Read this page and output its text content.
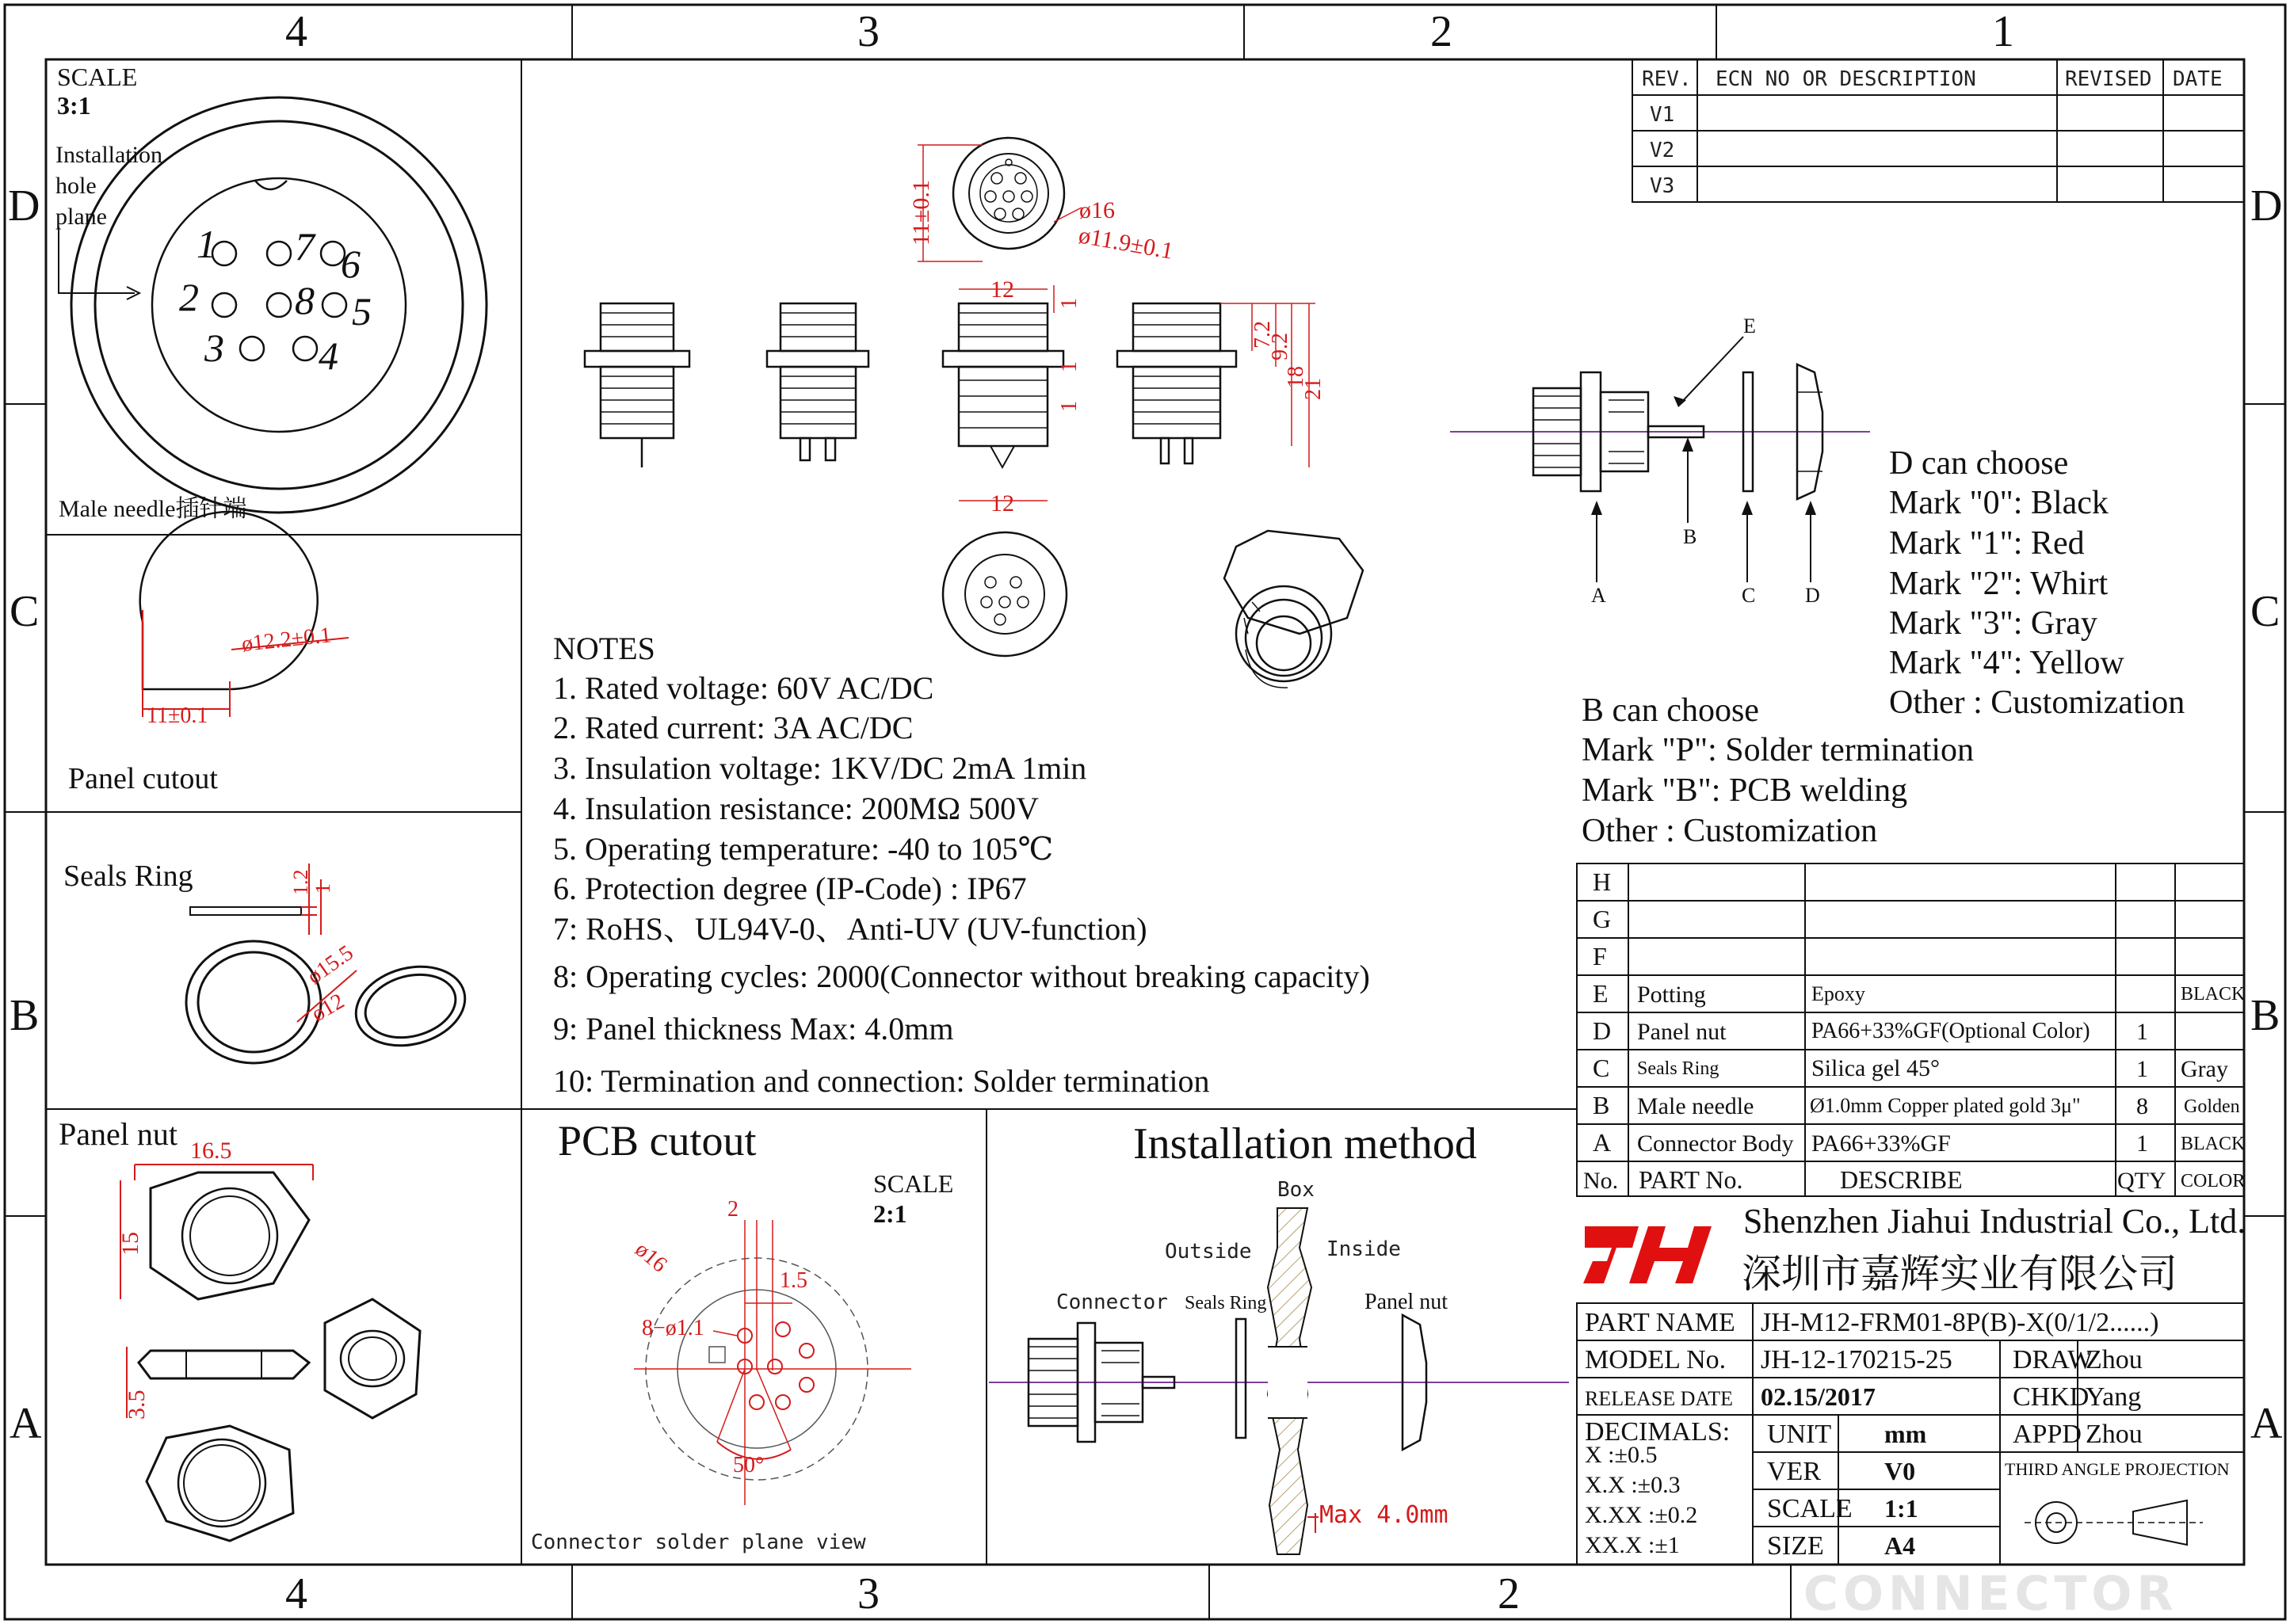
4	3	2	1
4	3	2
D
C
B
A
D
C
B
A
SCALE
3:1
Installation
hole
plane
1
2
3 4
5
6
7
8
Male needle插针端
11±0.1
ø12.2±0.1
Panel cutout
Seals Ring	1.2 1
ø15.5
ø12
Panel nut 16.5
15
3.5
11±0.1	ø16
ø11.9±0.1
12
12
1
1
1
7.2
9.2
18
21
NOTES
1. Rated voltage: 60V AC/DC
2. Rated current: 3A AC/DC
3. Insulation voltage: 1KV/DC 2mA 1min
4. Insulation resistance: 200MΩ 500V
5. Operating temperature: -40 to 105℃
6. Protection degree (IP-Code) : IP67
7: RoHS、UL94V-0、Anti-UV (UV-function)
8: Operating cycles: 2000(Connector without breaking capacity)
9: Panel thickness Max: 4.0mm
10: Termination and connection: Solder termination
REV. ECN NO OR DESCRIPTION	REVISED DATE
V1
V2
V3
A
B
C D
E
D can choose
Mark "0": Black
Mark "1": Red
Mark "2": Whirt
Mark "3": Gray
Mark "4": Yellow
Other : Customization
B can choose
Mark "P": Solder termination
Mark "B": PCB welding
Other : Customization
H
G
F
E Potting	Epoxy	BLACK
D Panel nut	PA66+33%GF(Optional Color) 1
C Seals Ring	Silica gel 45°	1 Gray
B Male needle	Ø1.0mm Copper plated gold 3μ" 8 Golden
A Connector Body PA66+33%GF	1 BLACK
No. PART No.	DESCRIBE	QTY COLOR
Shenzhen Jiahui Industrial Co., Ltd.
深圳市嘉辉实业有限公司
PART NAME JH-M12-FRM01-8P(B)-X(0/1/2......)
MODEL No. JH-12-170215-25 DRAW
Zhou
RELEASE DATE 02.15/2017	CHKD
Yang
DECIMALS:
X :±0.5
X.X :±0.3
X.XX :±0.2
XX.X :±1
UNIT mm	APPD Zhou
VER	V0
SCALE 1:1
SIZE A4
THIRD ANGLE PROJECTION
PCB cutout
SCALE
2:1
2
1.5
ø16
8−ø1.1
50°
Connector solder plane view
Installation method
Box
Outside	Inside
Connector Seals Ring	Panel nut
Max 4.0mm
CONNECTOR
